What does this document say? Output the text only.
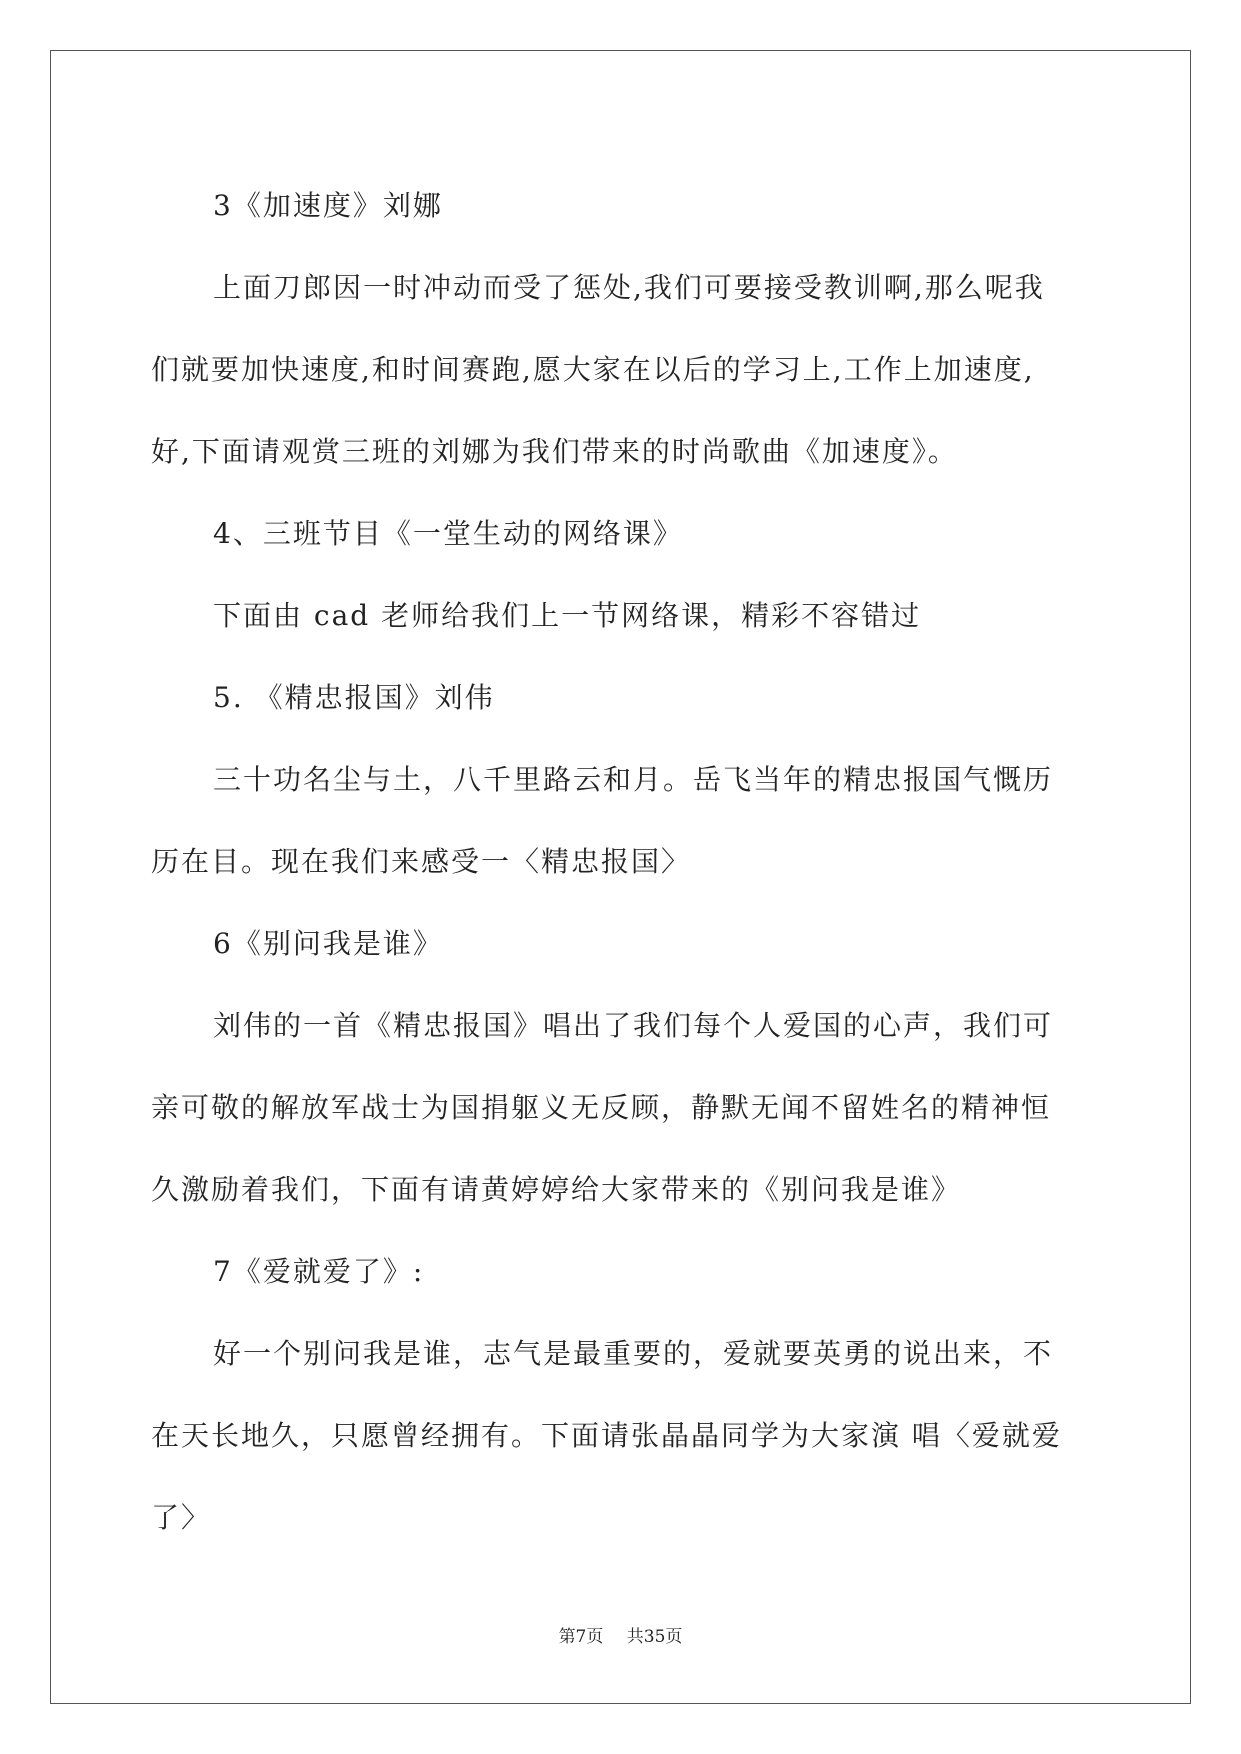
3《加速度》刘娜

上面刀郎因一时冲动而受了惩处,我们可要接受教训啊,那么呢我

们就要加快速度,和时间赛跑,愿大家在以后的学习上,工作上加速度,

好,下面请观赏三班的刘娜为我们带来的时尚歌曲《加速度》。

4、三班节目《一堂生动的网络课》

下面由 cad 老师给我们上一节网络课，精彩不容错过

5. 《精忠报国》刘伟

三十功名尘与土，八千里路云和月。岳飞当年的精忠报国气慨历

历在目。现在我们来感受一〈精忠报国〉

6《别问我是谁》

刘伟的一首《精忠报国》唱出了我们每个人爱国的心声，我们可

亲可敬的解放军战士为国捐躯义无反顾，静默无闻不留姓名的精神恒

久激励着我们，下面有请黄婷婷给大家带来的《别问我是谁》

7《爱就爱了》:

好一个别问我是谁，志气是最重要的，爱就要英勇的说出来，不

在天长地久，只愿曾经拥有。下面请张晶晶同学为大家演 唱〈爱就爱

了〉

第7页 共35页
